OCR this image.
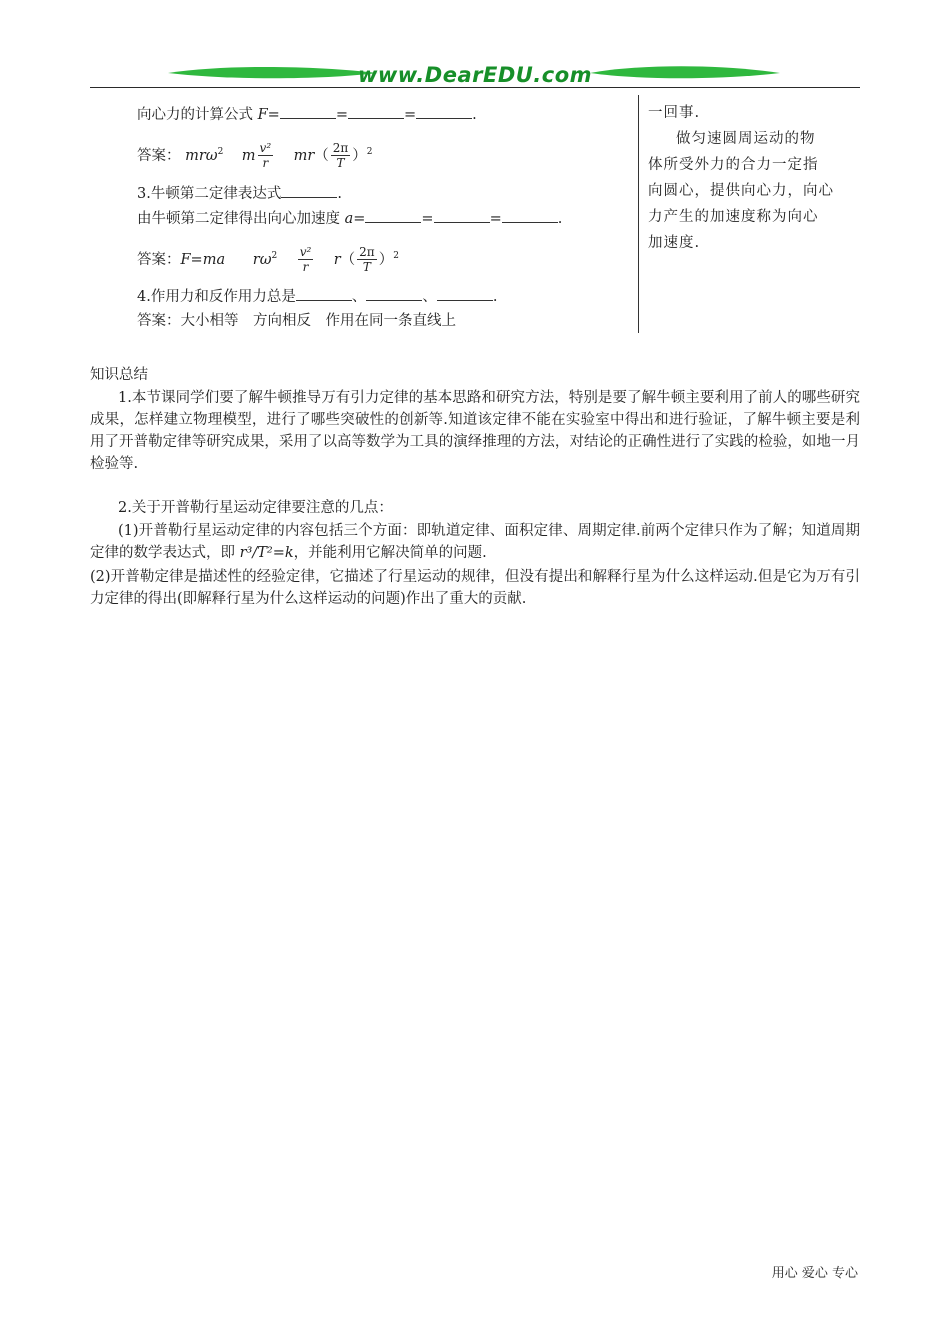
www.DearEDU.com
向心力的计算公式 F=	=	=	.
答案： mrω$^2$ m $\frac{\text{v²}}{r} mr( \frac{2\pi}{T} )^2$
3.牛顿第二定律表达式	.
由牛顿第二定律得出向心加速度 a=	=	=	.
答案：F=ma $r\omega^2 \frac{\text{v²}}{r} r( \frac{2\pi}{T} )^2$
4.作用力和反作用力总是	、	、	.
答案：大小相等　方向相反　作用在同一条直线上
一回事.
做匀速圆周运动的物
体所受外力的合力一定指
向圆心，提供向心力，向心
力产生的加速度称为向心
加速度.
知识总结
1.本节课同学们要了解牛顿推导万有引力定律的基本思路和研究方法，特别是要了解牛顿主要利用了前人的哪些研究成果，怎样建立物理模型，进行了哪些突破性的创新等.知道该定律不能在实验室中得出和进行验证，了解牛顿主要是利用了开普勒定律等研究成果，采用了以高等数学为工具的演绎推理的方法，对结论的正确性进行了实践的检验，如地一月检验等.
2.关于开普勒行星运动定律要注意的几点：
(1)开普勒行星运动定律的内容包括三个方面：即轨道定律、面积定律、周期定律.前两个定律只作为了解；知道周期定律的数学表达式，即 r³/T²=k，并能利用它解决简单的问题.
(2)开普勒定律是描述性的经验定律，它描述了行星运动的规律，但没有提出和解释行星为什么这样运动.但是它为万有引力定律的得出(即解释行星为什么这样运动的问题)作出了重大的贡献.
用心 爱心 专心
